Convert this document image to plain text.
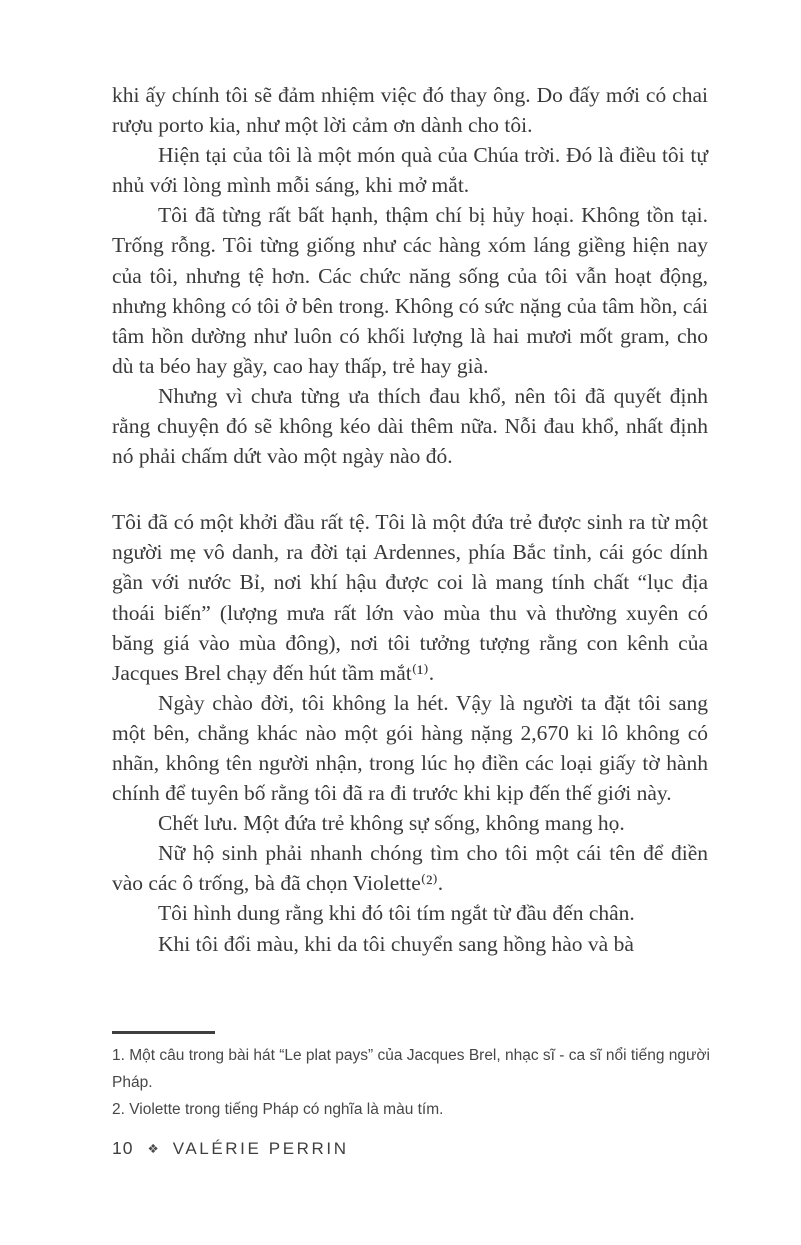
khi ấy chính tôi sẽ đảm nhiệm việc đó thay ông. Do đấy mới có chai rượu porto kia, như một lời cảm ơn dành cho tôi.

Hiện tại của tôi là một món quà của Chúa trời. Đó là điều tôi tự nhủ với lòng mình mỗi sáng, khi mở mắt.

Tôi đã từng rất bất hạnh, thậm chí bị hủy hoại. Không tồn tại. Trống rỗng. Tôi từng giống như các hàng xóm láng giềng hiện nay của tôi, nhưng tệ hơn. Các chức năng sống của tôi vẫn hoạt động, nhưng không có tôi ở bên trong. Không có sức nặng của tâm hồn, cái tâm hồn dường như luôn có khối lượng là hai mươi mốt gram, cho dù ta béo hay gầy, cao hay thấp, trẻ hay già.

Nhưng vì chưa từng ưa thích đau khổ, nên tôi đã quyết định rằng chuyện đó sẽ không kéo dài thêm nữa. Nỗi đau khổ, nhất định nó phải chấm dứt vào một ngày nào đó.

Tôi đã có một khởi đầu rất tệ. Tôi là một đứa trẻ được sinh ra từ một người mẹ vô danh, ra đời tại Ardennes, phía Bắc tỉnh, cái góc dính gần với nước Bỉ, nơi khí hậu được coi là mang tính chất “lục địa thoái biến” (lượng mưa rất lớn vào mùa thu và thường xuyên có băng giá vào mùa đông), nơi tôi tưởng tượng rằng con kênh của Jacques Brel chạy đến hút tầm mắt⁽¹⁾.

Ngày chào đời, tôi không la hét. Vậy là người ta đặt tôi sang một bên, chẳng khác nào một gói hàng nặng 2,670 ki lô không có nhãn, không tên người nhận, trong lúc họ điền các loại giấy tờ hành chính để tuyên bố rằng tôi đã ra đi trước khi kịp đến thế giới này.

Chết lưu. Một đứa trẻ không sự sống, không mang họ.

Nữ hộ sinh phải nhanh chóng tìm cho tôi một cái tên để điền vào các ô trống, bà đã chọn Violette⁽²⁾.

Tôi hình dung rằng khi đó tôi tím ngắt từ đầu đến chân.

Khi tôi đổi màu, khi da tôi chuyển sang hồng hào và bà

1. Một câu trong bài hát “Le plat pays” của Jacques Brel, nhạc sĩ - ca sĩ nổi tiếng người Pháp.

2. Violette trong tiếng Pháp có nghĩa là màu tím.

10 ❖ VALÉRIE PERRIN
